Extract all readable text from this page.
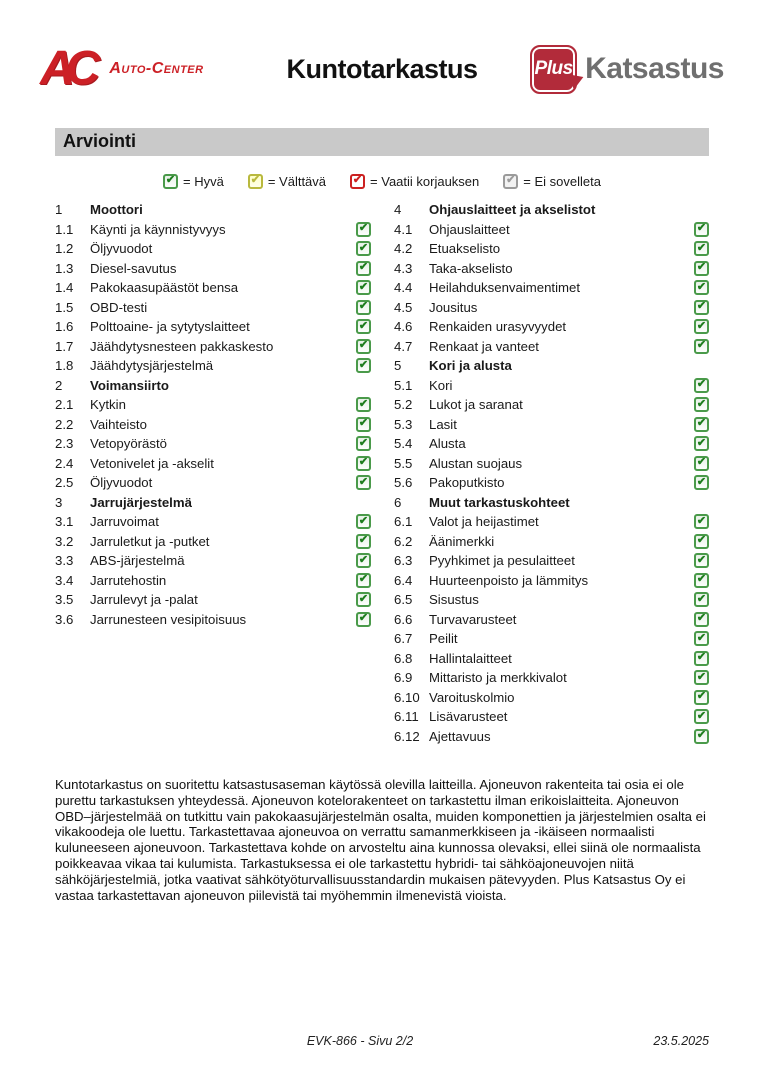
AC	Auto-Center	Kuntotarkastus	Plus Katsastus
Arviointi
✔ = Hyvä ✔ = Välttävä ✔ = Vaatii korjauksen ✔ = Ei sovelleta
1	Moottori
1.1	Käynti ja käynnistyvyys	✔
1.2	Öljyvuodot	✔
1.3	Diesel-savutus	✔
1.4	Pakokaasupäästöt bensa	✔
1.5	OBD-testi	✔
1.6	Polttoaine- ja sytytyslaitteet	✔
1.7	Jäähdytysnesteen pakkaskesto	✔
1.8	Jäähdytysjärjestelmä	✔
2	Voimansiirto
2.1	Kytkin	✔
2.2	Vaihteisto	✔
2.3	Vetopyörästö	✔
2.4	Vetonivelet ja -akselit	✔
2.5	Öljyvuodot	✔
3	Jarrujärjestelmä
3.1	Jarruvoimat	✔
3.2	Jarruletkut ja -putket	✔
3.3	ABS-järjestelmä	✔
3.4	Jarrutehostin	✔
3.5	Jarrulevyt ja -palat	✔
3.6	Jarrunesteen vesipitoisuus	✔
4	Ohjauslaitteet ja akselistot
4.1	Ohjauslaitteet	✔
4.2	Etuakselisto	✔
4.3	Taka-akselisto	✔
4.4	Heilahduksenvaimentimet	✔
4.5	Jousitus	✔
4.6	Renkaiden urasyvyydet	✔
4.7	Renkaat ja vanteet	✔
5	Kori ja alusta
5.1	Kori	✔
5.2	Lukot ja saranat	✔
5.3	Lasit	✔
5.4	Alusta	✔
5.5	Alustan suojaus	✔
5.6	Pakoputkisto	✔
6	Muut tarkastuskohteet
6.1	Valot ja heijastimet	✔
6.2	Äänimerkki	✔
6.3	Pyyhkimet ja pesulaitteet	✔
6.4	Huurteenpoisto ja lämmitys	✔
6.5	Sisustus	✔
6.6	Turvavarusteet	✔
6.7	Peilit	✔
6.8	Hallintalaitteet	✔
6.9	Mittaristo ja merkkivalot	✔
6.10 Varoituskolmio	✔
6.11 Lisävarusteet	✔
6.12 Ajettavuus	✔

Kuntotarkastus on suoritettu katsastusaseman käytössä olevilla laitteilla. Ajoneuvon rakenteita tai osia ei ole purettu tarkastuksen yhteydessä. Ajoneuvon kotelorakenteet on tarkastettu ilman erikoislaitteita. Ajoneuvon OBD–järjestelmää on tutkittu vain pakokaasujärjestelmän osalta, muiden komponettien ja järjestelmien osalta ei vikakoodeja ole luettu. Tarkastettavaa ajoneuvoa on verrattu samanmerkkiseen ja -ikäiseen normaalisti kuluneeseen ajoneuvoon. Tarkastettava kohde on arvosteltu aina kunnossa olevaksi, ellei siinä ole normaalista poikkeavaa vikaa tai kulumista. Tarkastuksessa ei ole tarkastettu hybridi- tai sähköajoneuvojen niitä sähköjärjestelmiä, jotka vaativat sähkötyöturvallisuusstandardin mukaisen pätevyyden. Plus Katsastus Oy ei vastaa tarkastettavan ajoneuvon piilevistä tai myöhemmin ilmenevistä vioista.

EVK-866 - Sivu 2/2	23.5.2025
